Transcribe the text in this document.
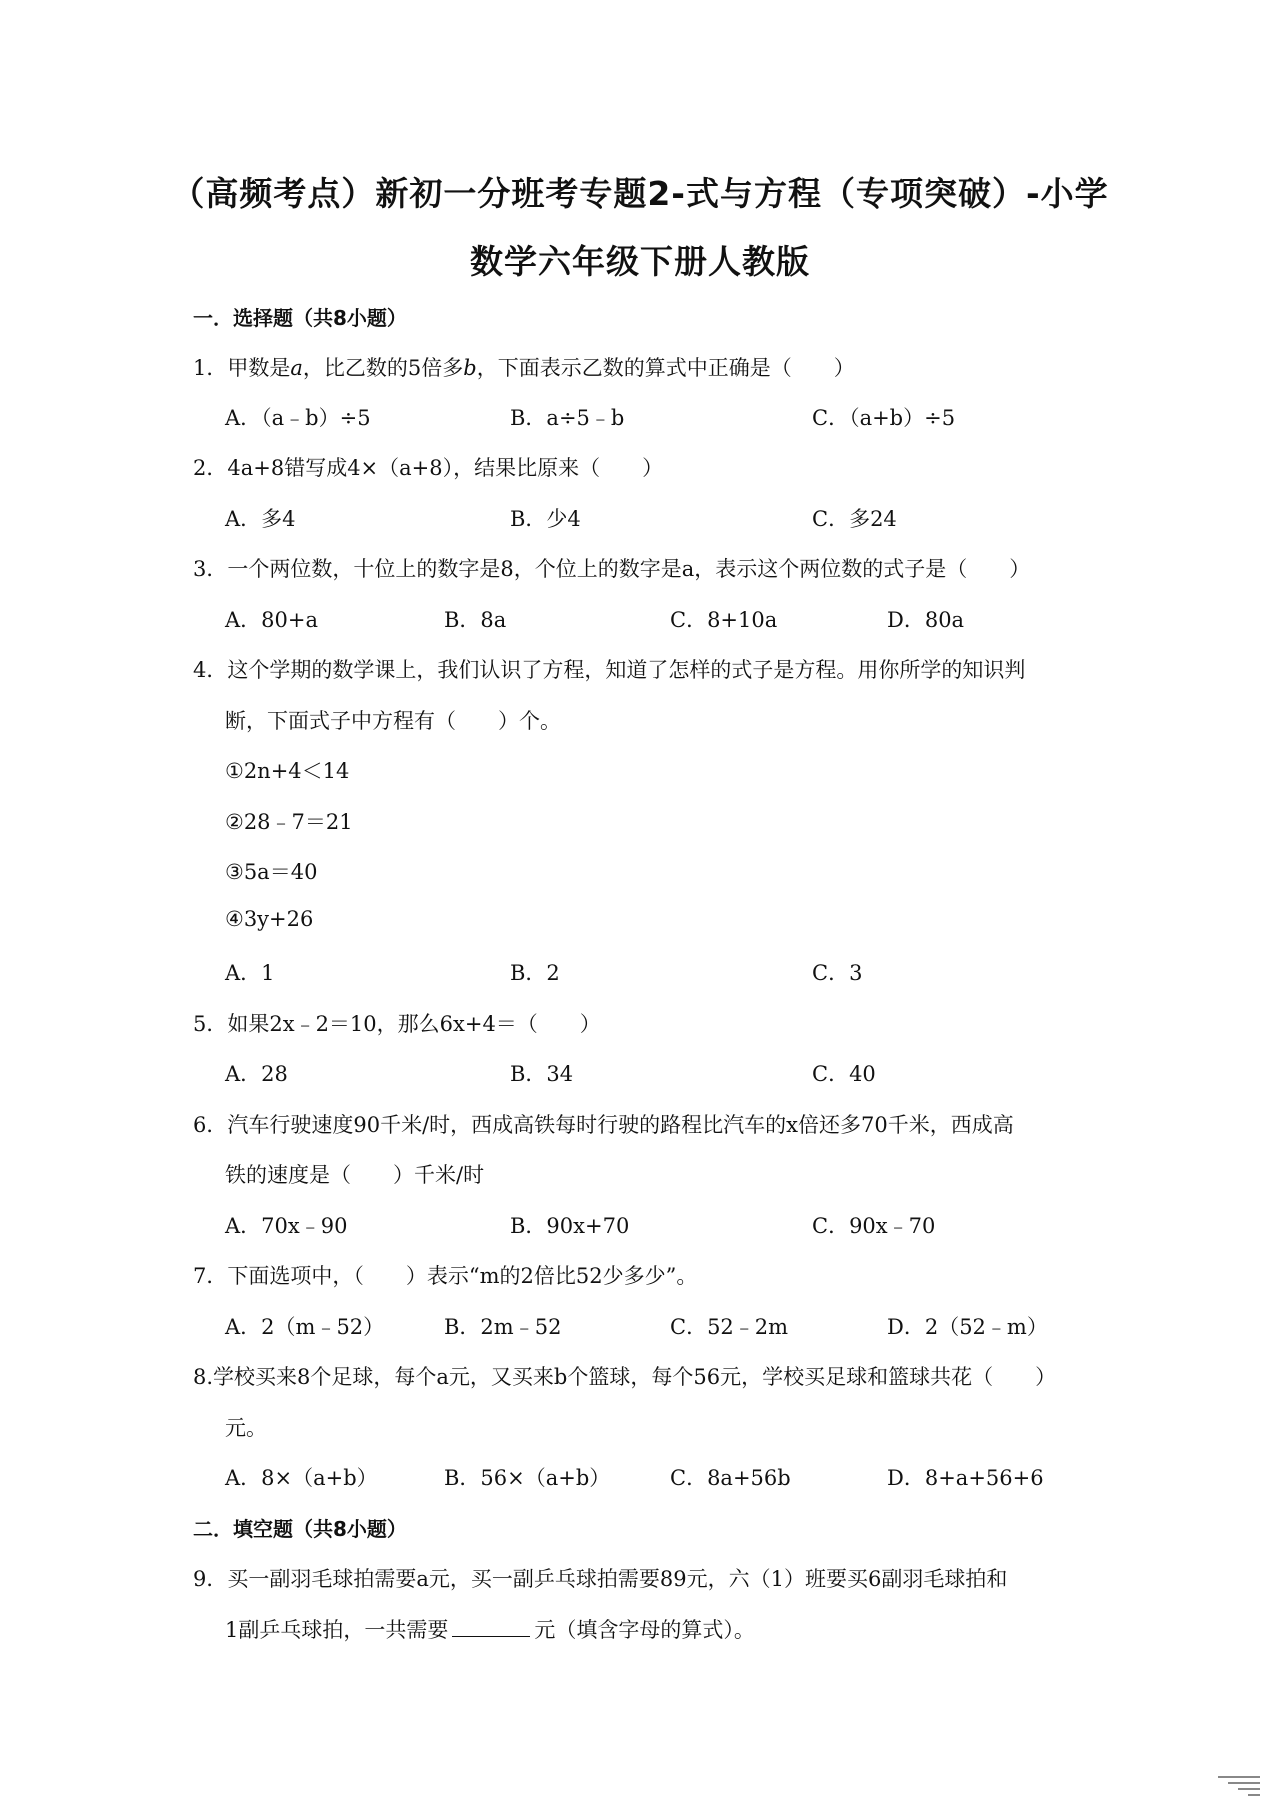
（高频考点）新初一分班考专题2-式与方程（专项突破）-小学
数学六年级下册人教版
一．选择题（共8小题）
1．甲数是a，比乙数的5倍多b，下面表示乙数的算式中正确是（　　）
A．（a﹣b）÷5	B．a÷5﹣b	C．（a+b）÷5
2．4a+8错写成4×（a+8），结果比原来（　　）
A．多4	B．少4	C．多24
3．一个两位数，十位上的数字是8，个位上的数字是a，表示这个两位数的式子是（　　）
A．80+a	B．8a	C．8+10a	D．80a
4．这个学期的数学课上，我们认识了方程，知道了怎样的式子是方程。用你所学的知识判
断，下面式子中方程有（　　）个。
①2n+4＜14
②28﹣7＝21
③5a＝40
④3y+26
A．1	B．2	C．3
5．如果2x﹣2＝10，那么6x+4＝（　　）
A．28	B．34	C．40
6．汽车行驶速度90千米/时，西成高铁每时行驶的路程比汽车的x倍还多70千米，西成高
铁的速度是（　　）千米/时
A．70x﹣90	B．90x+70	C．90x﹣70
7．下面选项中，（　　）表示“m的2倍比52少多少”。
A．2（m﹣52）	B．2m﹣52	C．52﹣2m	D．2（52﹣m）
8.学校买来8个足球，每个a元，又买来b个篮球，每个56元，学校买足球和篮球共花（　　）
元。
A．8×（a+b）	B．56×（a+b）	C．8a+56b	D．8+a+56+6
二．填空题（共8小题）
9．买一副羽毛球拍需要a元，买一副乒乓球拍需要89元，六（1）班要买6副羽毛球拍和
1副乒乓球拍，一共需要	元（填含字母的算式）。
